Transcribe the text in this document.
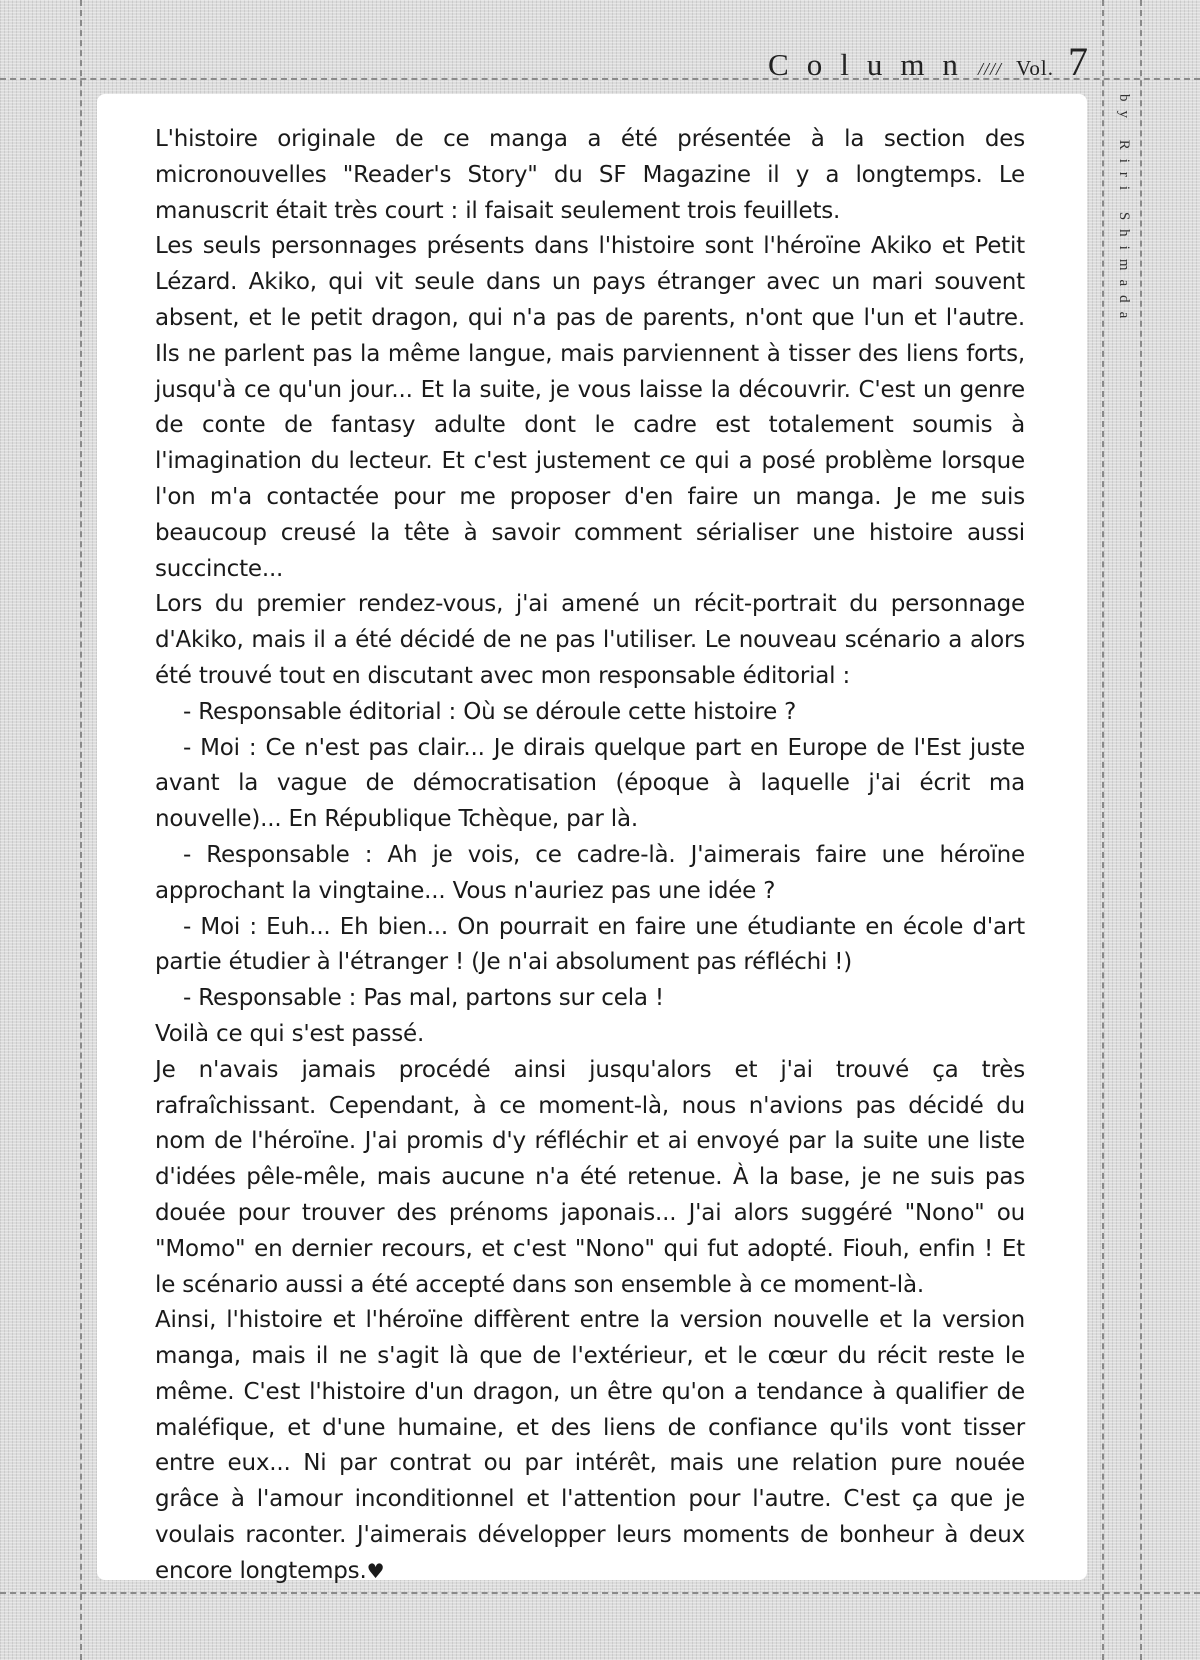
Column //// Vol. 7
by Riri Shimada

L'histoire originale de ce manga a été présentée à la section des micronouvelles "Reader's Story" du SF Magazine il y a longtemps. Le manuscrit était très court : il faisait seulement trois feuillets.

Les seuls personnages présents dans l'histoire sont l'héroïne Akiko et Petit Lézard. Akiko, qui vit seule dans un pays étranger avec un mari souvent absent, et le petit dragon, qui n'a pas de parents, n'ont que l'un et l'autre. Ils ne parlent pas la même langue, mais parviennent à tisser des liens forts, jusqu'à ce qu'un jour... Et la suite, je vous laisse la découvrir. C'est un genre de conte de fantasy adulte dont le cadre est totalement soumis à l'imagination du lecteur. Et c'est justement ce qui a posé problème lorsque l'on m'a contactée pour me proposer d'en faire un manga. Je me suis beaucoup creusé la tête à savoir comment sérialiser une histoire aussi succincte...

Lors du premier rendez-vous, j'ai amené un récit-portrait du personnage d'Akiko, mais il a été décidé de ne pas l'utiliser. Le nouveau scénario a alors été trouvé tout en discutant avec mon responsable éditorial :

- Responsable éditorial : Où se déroule cette histoire ?

- Moi : Ce n'est pas clair... Je dirais quelque part en Europe de l'Est juste avant la vague de démocratisation (époque à laquelle j'ai écrit ma nouvelle)... En République Tchèque, par là.

- Responsable : Ah je vois, ce cadre-là. J'aimerais faire une héroïne approchant la vingtaine... Vous n'auriez pas une idée ?

- Moi : Euh... Eh bien... On pourrait en faire une étudiante en école d'art partie étudier à l'étranger ! (Je n'ai absolument pas réfléchi !)

- Responsable : Pas mal, partons sur cela !

Voilà ce qui s'est passé.

Je n'avais jamais procédé ainsi jusqu'alors et j'ai trouvé ça très rafraîchissant. Cependant, à ce moment-là, nous n'avions pas décidé du nom de l'héroïne. J'ai promis d'y réfléchir et ai envoyé par la suite une liste d'idées pêle-mêle, mais aucune n'a été retenue. À la base, je ne suis pas douée pour trouver des prénoms japonais... J'ai alors suggéré "Nono" ou "Momo" en dernier recours, et c'est "Nono" qui fut adopté. Fiouh, enfin ! Et le scénario aussi a été accepté dans son ensemble à ce moment-là.

Ainsi, l'histoire et l'héroïne diffèrent entre la version nouvelle et la version manga, mais il ne s'agit là que de l'extérieur, et le cœur du récit reste le même. C'est l'histoire d'un dragon, un être qu'on a tendance à qualifier de maléfique, et d'une humaine, et des liens de confiance qu'ils vont tisser entre eux... Ni par contrat ou par intérêt, mais une relation pure nouée grâce à l'amour inconditionnel et l'attention pour l'autre. C'est ça que je voulais raconter. J'aimerais développer leurs moments de bonheur à deux encore longtemps.♥
